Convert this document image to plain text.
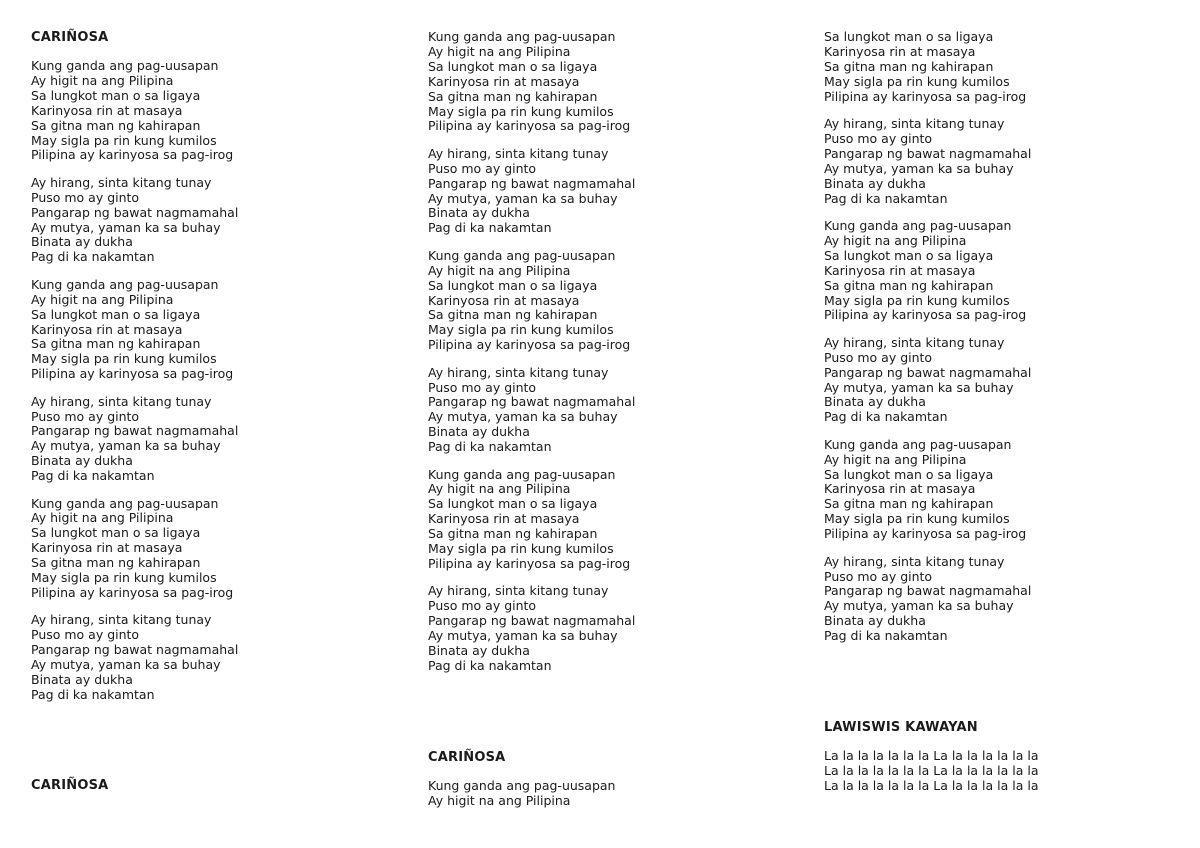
CARIÑOSA

Kung ganda ang pag-uusapan
Ay higit na ang Pilipina
Sa lungkot man o sa ligaya
Karinyosa rin at masaya
Sa gitna man ng kahirapan
May sigla pa rin kung kumilos
Pilipina ay karinyosa sa pag-irog
Ay hirang, sinta kitang tunay
Puso mo ay ginto
Pangarap ng bawat nagmamahal
Ay mutya, yaman ka sa buhay
Binata ay dukha
Pag di ka nakamtan
Kung ganda ang pag-uusapan
Ay higit na ang Pilipina
Sa lungkot man o sa ligaya
Karinyosa rin at masaya
Sa gitna man ng kahirapan
May sigla pa rin kung kumilos
Pilipina ay karinyosa sa pag-irog
Ay hirang, sinta kitang tunay
Puso mo ay ginto
Pangarap ng bawat nagmamahal
Ay mutya, yaman ka sa buhay
Binata ay dukha
Pag di ka nakamtan
Kung ganda ang pag-uusapan
Ay higit na ang Pilipina
Sa lungkot man o sa ligaya
Karinyosa rin at masaya
Sa gitna man ng kahirapan
May sigla pa rin kung kumilos
Pilipina ay karinyosa sa pag-irog
Ay hirang, sinta kitang tunay
Puso mo ay ginto
Pangarap ng bawat nagmamahal
Ay mutya, yaman ka sa buhay
Binata ay dukha
Pag di ka nakamtan

CARIÑOSA

Kung ganda ang pag-uusapan
Ay higit na ang Pilipina
Sa lungkot man o sa ligaya
Karinyosa rin at masaya
Sa gitna man ng kahirapan
May sigla pa rin kung kumilos
Pilipina ay karinyosa sa pag-irog
Ay hirang, sinta kitang tunay
Puso mo ay ginto
Pangarap ng bawat nagmamahal
Ay mutya, yaman ka sa buhay
Binata ay dukha
Pag di ka nakamtan
Kung ganda ang pag-uusapan
Ay higit na ang Pilipina
Sa lungkot man o sa ligaya
Karinyosa rin at masaya
Sa gitna man ng kahirapan
May sigla pa rin kung kumilos
Pilipina ay karinyosa sa pag-irog
Ay hirang, sinta kitang tunay
Puso mo ay ginto
Pangarap ng bawat nagmamahal
Ay mutya, yaman ka sa buhay
Binata ay dukha
Pag di ka nakamtan
Kung ganda ang pag-uusapan
Ay higit na ang Pilipina
Sa lungkot man o sa ligaya
Karinyosa rin at masaya
Sa gitna man ng kahirapan
May sigla pa rin kung kumilos
Pilipina ay karinyosa sa pag-irog
Ay hirang, sinta kitang tunay
Puso mo ay ginto
Pangarap ng bawat nagmamahal
Ay mutya, yaman ka sa buhay
Binata ay dukha
Pag di ka nakamtan

CARIÑOSA

Kung ganda ang pag-uusapan
Ay higit na ang Pilipina
Sa lungkot man o sa ligaya
Karinyosa rin at masaya
Sa gitna man ng kahirapan
May sigla pa rin kung kumilos
Pilipina ay karinyosa sa pag-irog
Ay hirang, sinta kitang tunay
Puso mo ay ginto
Pangarap ng bawat nagmamahal
Ay mutya, yaman ka sa buhay
Binata ay dukha
Pag di ka nakamtan
Kung ganda ang pag-uusapan
Ay higit na ang Pilipina
Sa lungkot man o sa ligaya
Karinyosa rin at masaya
Sa gitna man ng kahirapan
May sigla pa rin kung kumilos
Pilipina ay karinyosa sa pag-irog
Ay hirang, sinta kitang tunay
Puso mo ay ginto
Pangarap ng bawat nagmamahal
Ay mutya, yaman ka sa buhay
Binata ay dukha
Pag di ka nakamtan
Kung ganda ang pag-uusapan
Ay higit na ang Pilipina
Sa lungkot man o sa ligaya
Karinyosa rin at masaya
Sa gitna man ng kahirapan
May sigla pa rin kung kumilos
Pilipina ay karinyosa sa pag-irog
Ay hirang, sinta kitang tunay
Puso mo ay ginto
Pangarap ng bawat nagmamahal
Ay mutya, yaman ka sa buhay
Binata ay dukha
Pag di ka nakamtan

LAWISWIS KAWAYAN

La la la la la la la La la la la la la la
La la la la la la la La la la la la la la
La la la la la la la La la la la la la la
